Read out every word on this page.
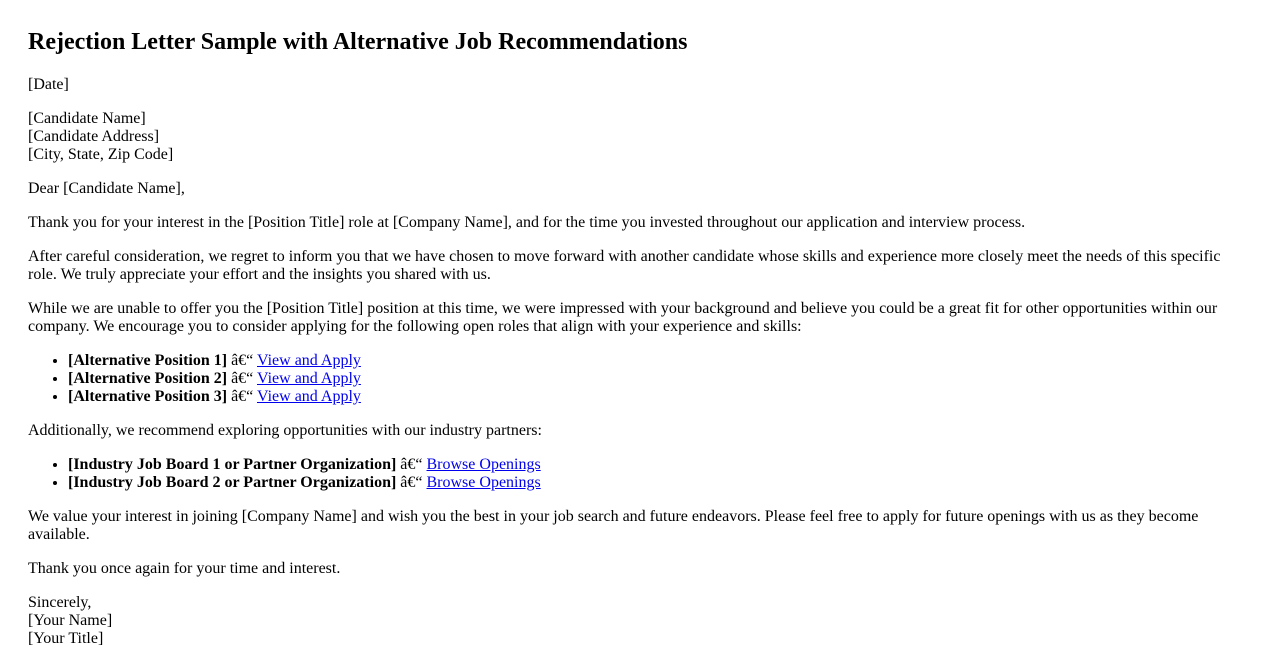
Rejection Letter Sample with Alternative Job Recommendations

[Date]

[Candidate Name]
[Candidate Address]
[City, State, Zip Code]

Dear [Candidate Name],

Thank you for your interest in the [Position Title] role at [Company Name], and for the time you invested throughout our application and interview process.

After careful consideration, we regret to inform you that we have chosen to move forward with another candidate whose skills and experience more closely meet the needs of this specific role. We truly appreciate your effort and the insights you shared with us.

While we are unable to offer you the [Position Title] position at this time, we were impressed with your background and believe you could be a great fit for other opportunities within our company. We encourage you to consider applying for the following open roles that align with your experience and skills:

• [Alternative Position 1] â€“ View and Apply
• [Alternative Position 2] â€“ View and Apply
• [Alternative Position 3] â€“ View and Apply

Additionally, we recommend exploring opportunities with our industry partners:

• [Industry Job Board 1 or Partner Organization] â€“ Browse Openings
• [Industry Job Board 2 or Partner Organization] â€“ Browse Openings

We value your interest in joining [Company Name] and wish you the best in your job search and future endeavors. Please feel free to apply for future openings with us as they become available.

Thank you once again for your time and interest.

Sincerely,
[Your Name]
[Your Title]
